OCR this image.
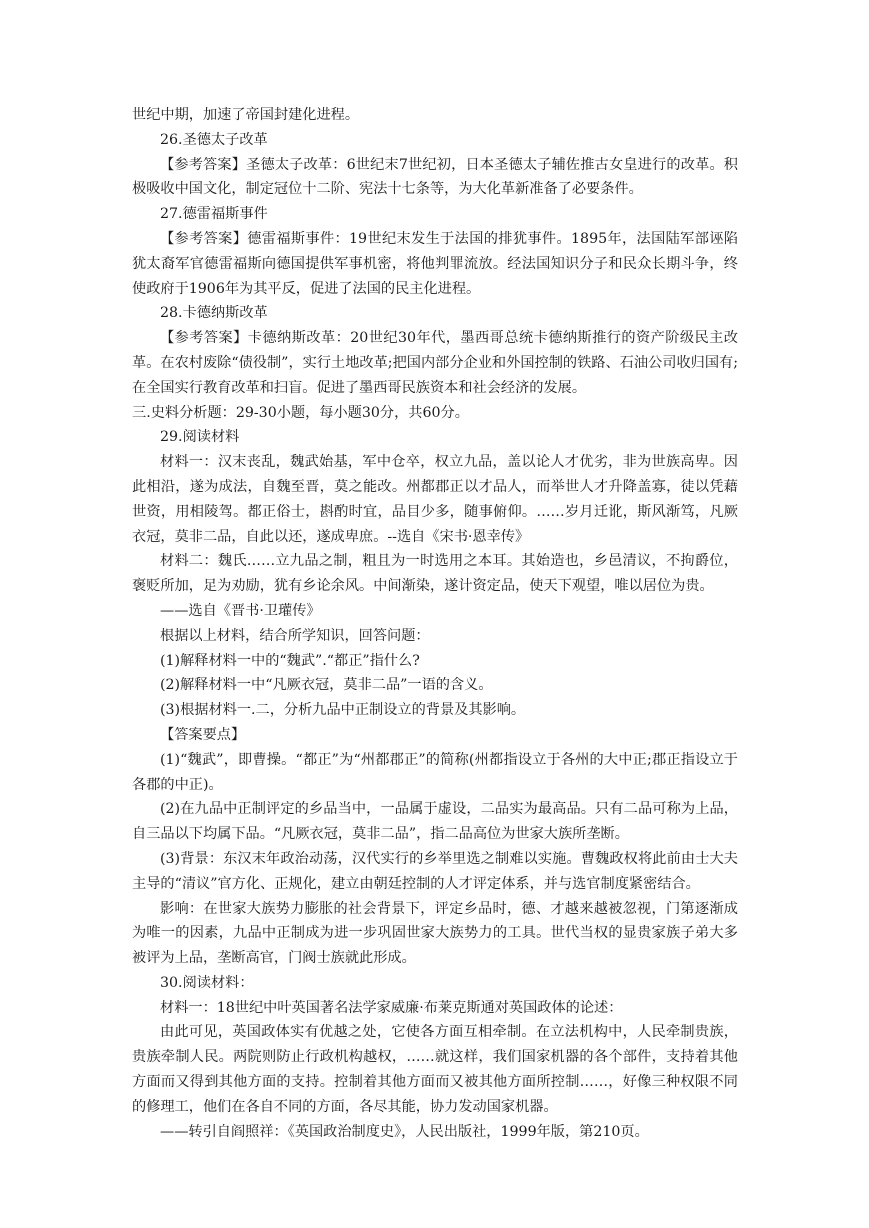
世纪中期，加速了帝国封建化进程。

26.圣德太子改革

【参考答案】圣德太子改革：6世纪末7世纪初，日本圣德太子辅佐推古女皇进行的改革。积极吸收中国文化，制定冠位十二阶、宪法十七条等，为大化革新准备了必要条件。

27.德雷福斯事件

【参考答案】德雷福斯事件：19世纪末发生于法国的排犹事件。1895年，法国陆军部诬陷犹太裔军官德雷福斯向德国提供军事机密，将他判罪流放。经法国知识分子和民众长期斗争，终使政府于1906年为其平反，促进了法国的民主化进程。

28.卡德纳斯改革

【参考答案】卡德纳斯改革：20世纪30年代，墨西哥总统卡德纳斯推行的资产阶级民主改革。在农村废除“债役制”，实行土地改革;把国内部分企业和外国控制的铁路、石油公司收归国有;在全国实行教育改革和扫盲。促进了墨西哥民族资本和社会经济的发展。

三.史料分析题：29-30小题，每小题30分，共60分。

29.阅读材料

材料一：汉末丧乱，魏武始基，军中仓卒，权立九品，盖以论人才优劣，非为世族高卑。因此相沿，遂为成法，自魏至晋，莫之能改。州都郡正以才品人，而举世人才升降盖寡，徒以凭藉世资，用相陵驾。都正俗士，斟酌时宜，品目少多，随事俯仰。……岁月迁讹，斯风渐笃，凡厥衣冠，莫非二品，自此以还，遂成卑庶。--选自《宋书·恩幸传》

材料二：魏氏……立九品之制，粗且为一时选用之本耳。其始造也，乡邑清议，不拘爵位，褒贬所加，足为劝励，犹有乡论余风。中间渐染，遂计资定品，使天下观望，唯以居位为贵。

——选自《晋书·卫瓘传》

根据以上材料，结合所学知识，回答问题：

(1)解释材料一中的“魏武”.“都正”指什么?

(2)解释材料一中“凡厥衣冠，莫非二品”一语的含义。

(3)根据材料一.二，分析九品中正制设立的背景及其影响。

【答案要点】

(1)“魏武”，即曹操。“都正”为“州都郡正”的简称(州都指设立于各州的大中正;郡正指设立于各郡的中正)。

(2)在九品中正制评定的乡品当中，一品属于虚设，二品实为最高品。只有二品可称为上品，自三品以下均属下品。“凡厥衣冠，莫非二品”，指二品高位为世家大族所垄断。

(3)背景：东汉末年政治动荡，汉代实行的乡举里选之制难以实施。曹魏政权将此前由士大夫主导的“清议”官方化、正规化，建立由朝廷控制的人才评定体系，并与选官制度紧密结合。

影响：在世家大族势力膨胀的社会背景下，评定乡品时，德、才越来越被忽视，门第逐渐成为唯一的因素，九品中正制成为进一步巩固世家大族势力的工具。世代当权的显贵家族子弟大多被评为上品，垄断高官，门阀士族就此形成。

30.阅读材料：

材料一：18世纪中叶英国著名法学家威廉·布莱克斯通对英国政体的论述：

由此可见，英国政体实有优越之处，它使各方面互相牵制。在立法机构中，人民牵制贵族，贵族牵制人民。两院则防止行政机构越权，……就这样，我们国家机器的各个部件，支持着其他方面而又得到其他方面的支持。控制着其他方面而又被其他方面所控制……，好像三种权限不同的修理工，他们在各自不同的方面，各尽其能，协力发动国家机器。

——转引自阎照祥：《英国政治制度史》，人民出版社，1999年版，第210页。
